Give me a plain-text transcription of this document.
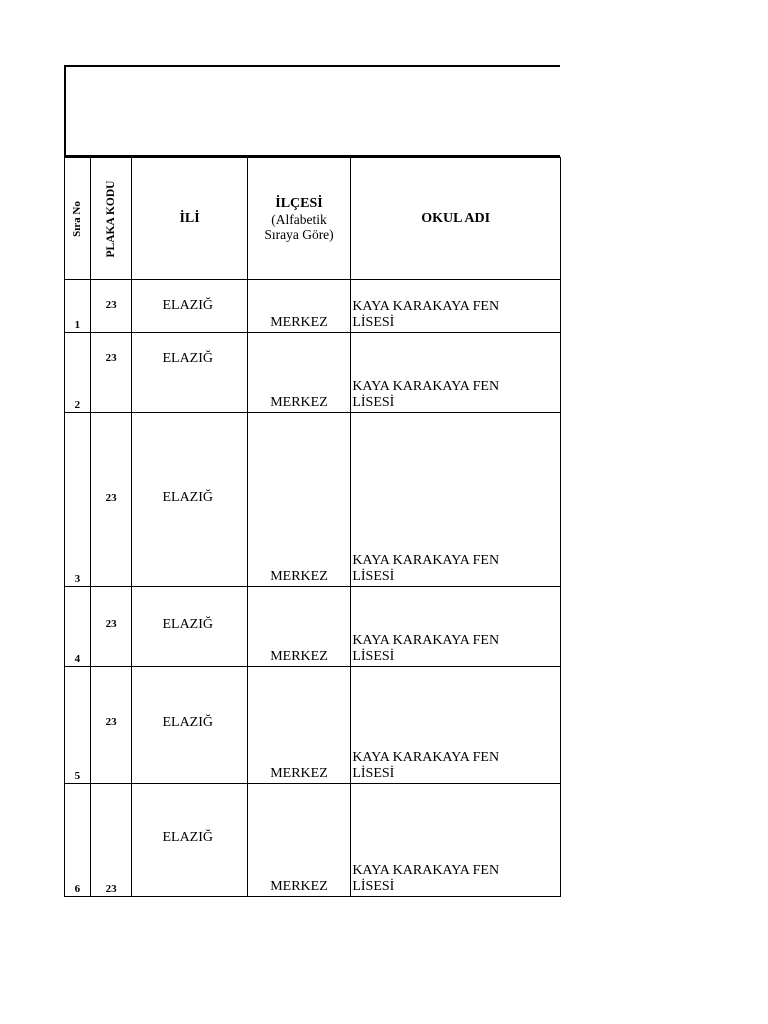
Sıra No	PLAKA KODU	İLİ	İLÇESİ
(Alfabetik
Sıraya Göre)	OKUL ADI

1	23	ELAZIĞ	MERKEZ	KAYA KARAKAYA FEN
LİSESİ

2	23	ELAZIĞ	MERKEZ	KAYA KARAKAYA FEN
LİSESİ

3	23	ELAZIĞ	MERKEZ	KAYA KARAKAYA FEN
LİSESİ

4	23	ELAZIĞ	MERKEZ	KAYA KARAKAYA FEN
LİSESİ

5	23	ELAZIĞ	MERKEZ	KAYA KARAKAYA FEN
LİSESİ

6	23	ELAZIĞ	MERKEZ	KAYA KARAKAYA FEN
LİSESİ
